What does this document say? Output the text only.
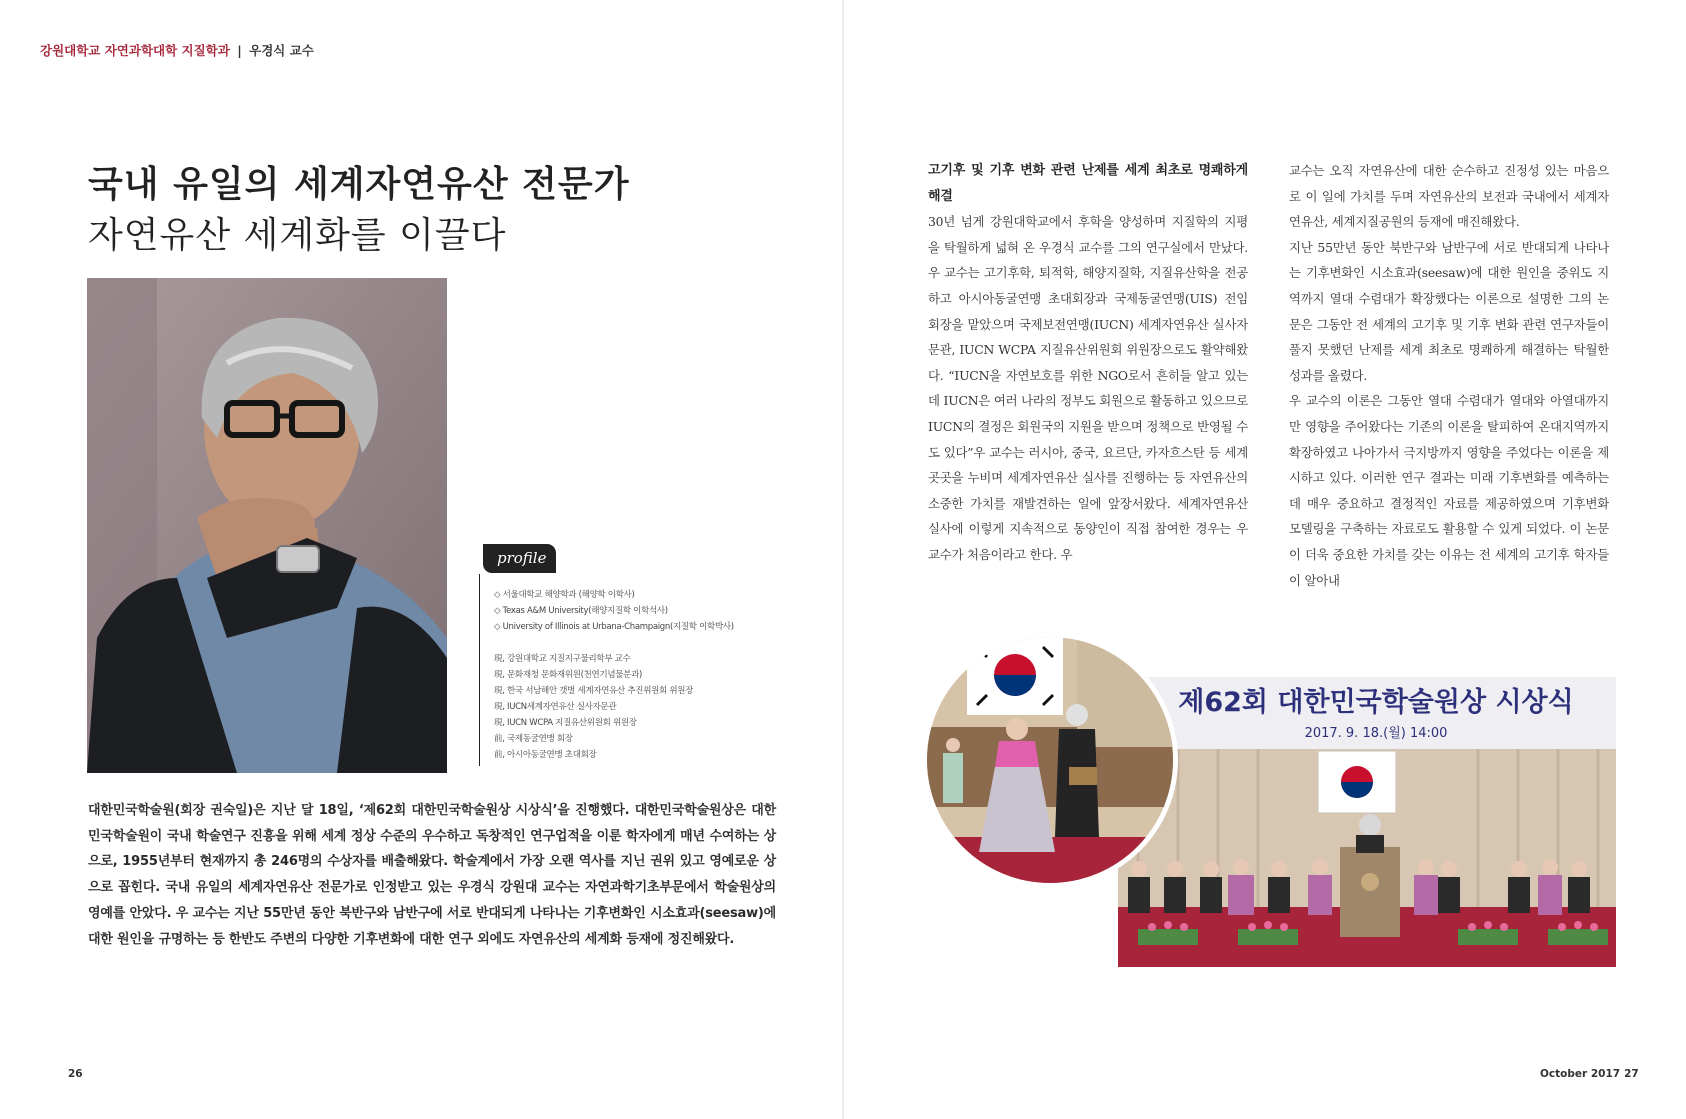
강원대학교 자연과학대학 지질학과 | 우경식 교수
국내 유일의 세계자연유산 전문가
자연유산 세계화를 이끌다
profile
◇ 서울대학교 해양학과 (해양학 이학사)
◇ Texas A&M University(해양지질학 이학석사)
◇ University of Illinois at Urbana-Champaign(지질학 이학박사)
現, 강원대학교 지질지구물리학부 교수
現, 문화재청 문화재위원(천연기념물분과)
現, 한국 서남해안 갯벌 세계자연유산 추진위원회 위원장
現, IUCN세계자연유산 실사자문관
現, IUCN WCPA 지질유산위원회 위원장
前, 국제동굴연맹 회장
前, 아시아동굴연맹 초대회장

대한민국학술원(회장 권숙일)은 지난 달 18일, ‘제62회 대한민국학술원상 시상식’을 진행했다. 대한민국학술원상은 대한민국학술원이 국내 학술연구 진흥을 위해 세계 정상 수준의 우수하고 독창적인 연구업적을 이룬 학자에게 매년 수여하는 상으로, 1955년부터 현재까지 총 246명의 수상자를 배출해왔다. 학술계에서 가장 오랜 역사를 지닌 권위 있고 영예로운 상으로 꼽힌다. 국내 유일의 세계자연유산 전문가로 인정받고 있는 우경식 강원대 교수는 자연과학기초부문에서 학술원상의 영예를 안았다. 우 교수는 지난 55만년 동안 북반구와 남반구에 서로 반대되게 나타나는 기후변화인 시소효과(seesaw)에 대한 원인을 규명하는 등 한반도 주변의 다양한 기후변화에 대한 연구 외에도 자연유산의 세계화 등재에 정진해왔다.

고기후 및 기후 변화 관련 난제를 세계 최초로 명쾌하게 해결

30년 넘게 강원대학교에서 후학을 양성하며 지질학의 지평을 탁월하게 넓혀 온 우경식 교수를 그의 연구실에서 만났다. 우 교수는 고기후학, 퇴적학, 해양지질학, 지질유산학을 전공하고 아시아동굴연맹 초대회장과 국제동굴연맹(UIS) 전임 회장을 맡았으며 국제보전연맹(IUCN) 세계자연유산 실사자문관, IUCN WCPA 지질유산위원회 위원장으로도 활약해왔다. “IUCN을 자연보호를 위한 NGO로서 흔히들 알고 있는데 IUCN은 여러 나라의 정부도 회원으로 활동하고 있으므로 IUCN의 결정은 회원국의 지원을 받으며 정책으로 반영될 수도 있다”우 교수는 러시아, 중국, 요르단, 카자흐스탄 등 세계 곳곳을 누비며 세계자연유산 실사를 진행하는 등 자연유산의 소중한 가치를 재발견하는 일에 앞장서왔다. 세계자연유산 실사에 이렇게 지속적으로 동양인이 직접 참여한 경우는 우 교수가 처음이라고 한다. 우

교수는 오직 자연유산에 대한 순수하고 진정성 있는 마음으로 이 일에 가치를 두며 자연유산의 보전과 국내에서 세계자연유산, 세계지질공원의 등재에 매진해왔다.

지난 55만년 동안 북반구와 남반구에 서로 반대되게 나타나는 기후변화인 시소효과(seesaw)에 대한 원인을 중위도 지역까지 열대 수렴대가 확장했다는 이론으로 설명한 그의 논문은 그동안 전 세계의 고기후 및 기후 변화 관련 연구자들이 풀지 못했던 난제를 세계 최초로 명쾌하게 해결하는 탁월한 성과를 올렸다.

우 교수의 이론은 그동안 열대 수렴대가 열대와 아열대까지만 영향을 주어왔다는 기존의 이론을 탈피하여 온대지역까지 확장하였고 나아가서 극지방까지 영향을 주었다는 이론을 제시하고 있다. 이러한 연구 결과는 미래 기후변화를 예측하는데 매우 중요하고 결정적인 자료를 제공하였으며 기후변화 모델링을 구축하는 자료로도 활용할 수 있게 되었다. 이 논문이 더욱 중요한 가치를 갖는 이유는 전 세계의 고기후 학자들이 알아내

제62회 대한민국학술원상 시상식
2017. 9. 18.(월) 14:00
26	October 2017 27
